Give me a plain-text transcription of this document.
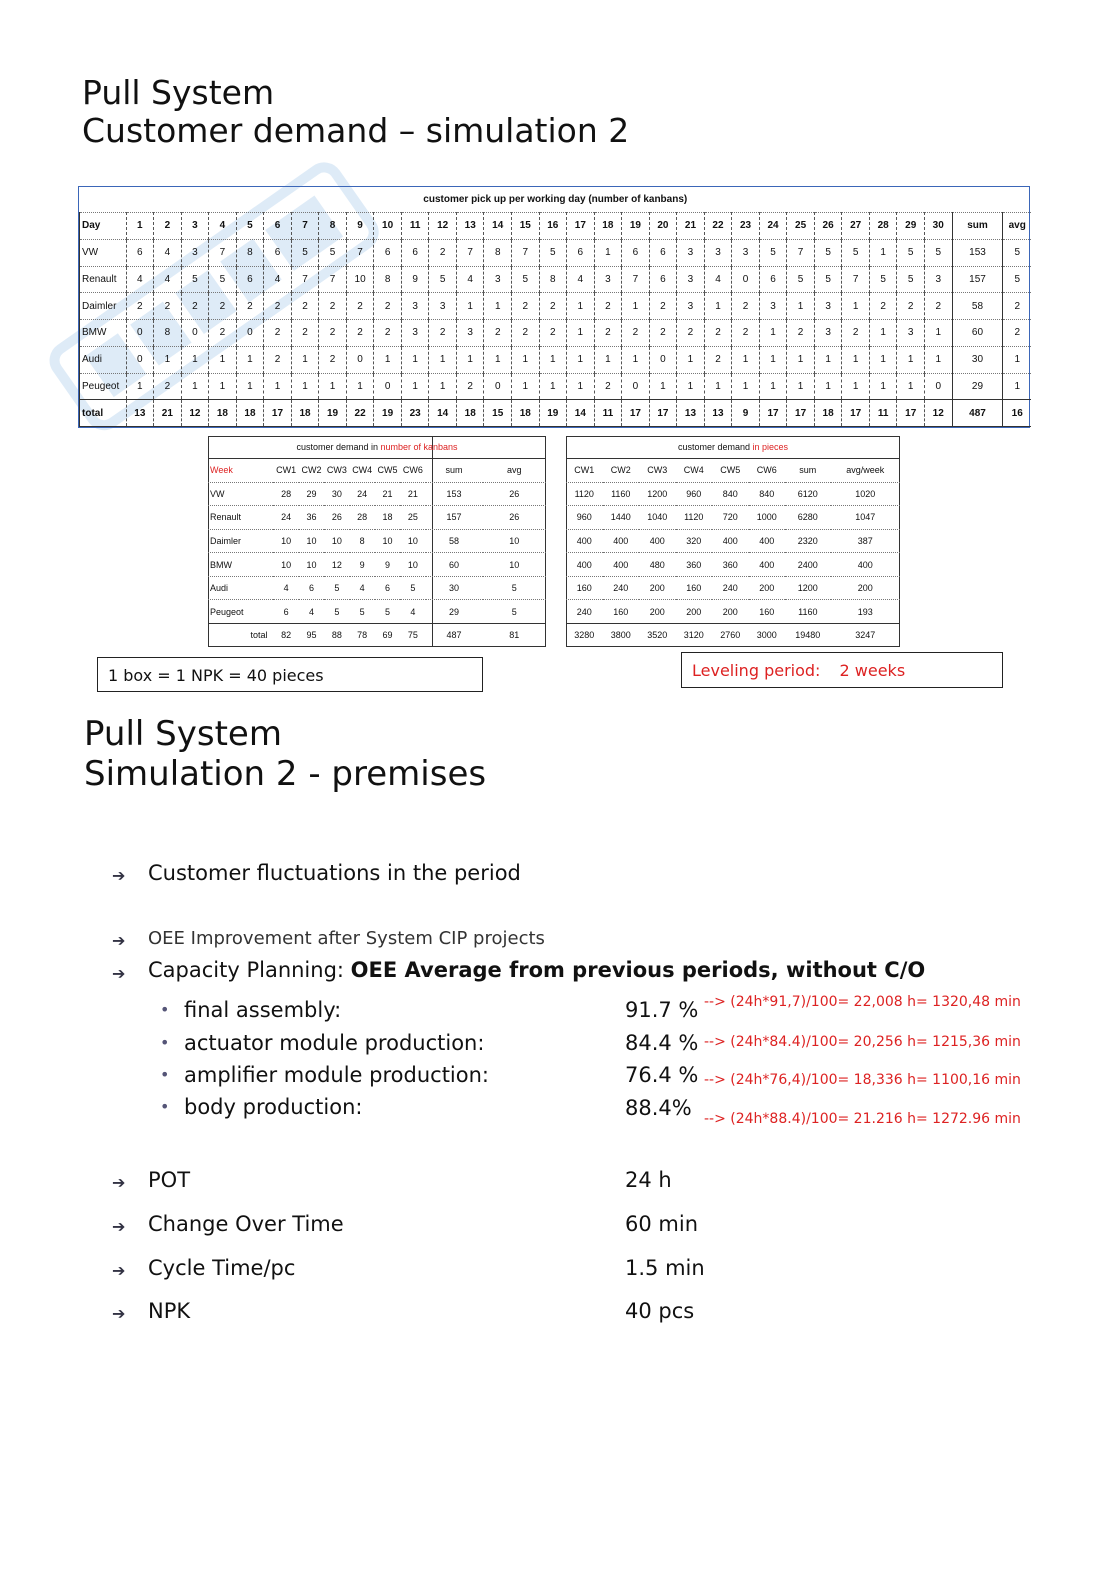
Pull System
Customer demand – simulation 2
customer pick up per working day (number of kanbans)																																
Day	1	2	3	4	5	6	7	8	9	10	11	12	13	14	15	16	17	18	19	20	21	22	23	24	25	26	27	28	29	30	sum	avg
VW	6	4	3	7	8	6	5	5	7	6	6	2	7	8	7	5	6	1	6	6	3	3	3	5	7	5	5	1	5	5	153	5
Renault	4	4	5	5	6	4	7	7	10	8	9	5	4	3	5	8	4	3	7	6	3	4	0	6	5	5	7	5	5	3	157	5
Daimler	2	2	2	2	2	2	2	2	2	2	3	3	1	1	2	2	1	2	1	2	3	1	2	3	1	3	1	2	2	2	58	2
BMW	0	8	0	2	0	2	2	2	2	2	3	2	3	2	2	2	1	2	2	2	2	2	2	1	2	3	2	1	3	1	60	2
Audi	0	1	1	1	1	2	1	2	0	1	1	1	1	1	1	1	1	1	1	0	1	2	1	1	1	1	1	1	1	1	30	1
Peugeot	1	2	1	1	1	1	1	1	1	0	1	1	2	0	1	1	1	2	0	1	1	1	1	1	1	1	1	1	1	0	29	1
total	13	21	12	18	18	17	18	19	22	19	23	14	18	15	18	19	14	11	17	17	13	13	9	17	17	18	17	11	17	12	487	16
customer demand in number of kanbans								
Week	CW1	CW2	CW3	CW4	CW5	CW6	sum	avg
VW	28	29	30	24	21	21	153	26
Renault	24	36	26	28	18	25	157	26
Daimler	10	10	10	8	10	10	58	10
BMW	10	10	12	9	9	10	60	10
Audi	4	6	5	4	6	5	30	5
Peugeot	6	4	5	5	5	4	29	5
total	82	95	88	78	69	75	487	81
customer demand in pieces							
CW1	CW2	CW3	CW4	CW5	CW6	sum	avg/week
1120	1160	1200	960	840	840	6120	1020
960	1440	1040	1120	720	1000	6280	1047
400	400	400	320	400	400	2320	387
400	400	480	360	360	400	2400	400
160	240	200	160	240	200	1200	200
240	160	200	200	200	160	1160	193
3280	3800	3520	3120	2760	3000	19480	3247
1 box = 1 NPK = 40 pieces	Leveling period: 2 weeks
Pull System
Simulation 2 - premises
➔ Customer fluctuations in the period
➔ OEE Improvement after System CIP projects
➔ Capacity Planning: OEE Average from previous periods, without C/O
• final assembly:	91.7 % --> (24h*91,7)/100= 22,008 h= 1320,48 min
• actuator module production:	84.4 % --> (24h*84.4)/100= 20,256 h= 1215,36 min
• amplifier module production:	76.4 % --> (24h*76,4)/100= 18,336 h= 1100,16 min
• body production:	88.4% --> (24h*88.4)/100= 21.216 h= 1272.96 min
➔ POT	24 h
➔ Change Over Time	60 min
➔ Cycle Time/pc	1.5 min
➔ NPK	40 pcs
